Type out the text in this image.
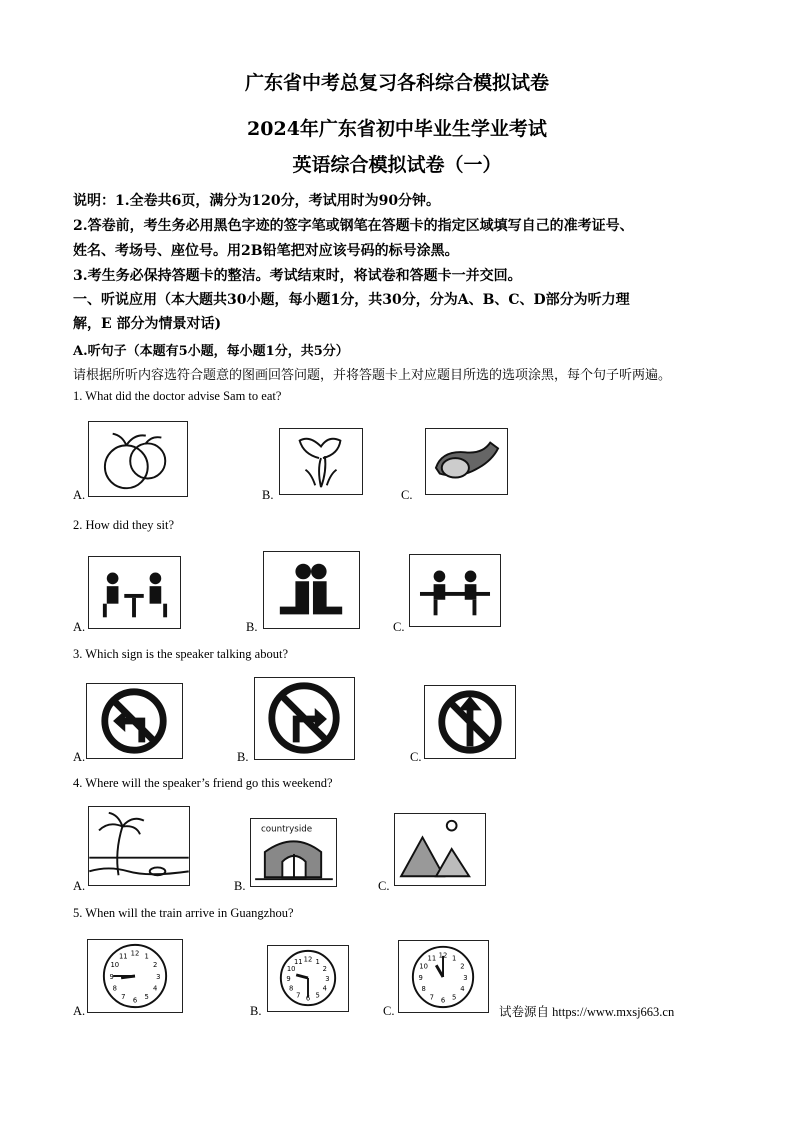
广东省中考总复习各科综合模拟试卷
2024年广东省初中毕业生学业考试
英语综合模拟试卷（一）
说明：1.全卷共6页，满分为120分，考试用时为90分钟。
2.答卷前，考生务必用黑色字迹的签字笔或钢笔在答题卡的指定区域填写自己的准考证号、
姓名、考场号、座位号。用2B铅笔把对应该号码的标号涂黑。
3.考生务必保持答题卡的整洁。考试结束时，将试卷和答题卡一并交回。
一、听说应用（本大题共30小题，每小题1分，共30分，分为A、B、C、D部分为听力理
解，E 部分为情景对话)
A.听句子（本题有5小题，每小题1分，共5分）
请根据所听内容选符合题意的图画回答问题，并将答题卡上对应题目所选的选项涂黑，每个句子听两遍。
1. What did the doctor advise Sam to eat?
A.	B.	C.
2. How did they sit?
A.	B.	C.
3. Which sign is the speaker talking about?
A.	B.	C.
4. Where will the speaker’s friend go this weekend?
A.	B.	C.
countryside
5. When will the train arrive in Guangzhou?
A.	B.	C.
12 1
2
3
4
5
6
7
8
9
10
11	12 1
2
3
4
5
6
7
8
9
10
11
12 1
2
3
4
5
6
7
8
9
10
11
试卷源自 https://www.mxsj663.cn
